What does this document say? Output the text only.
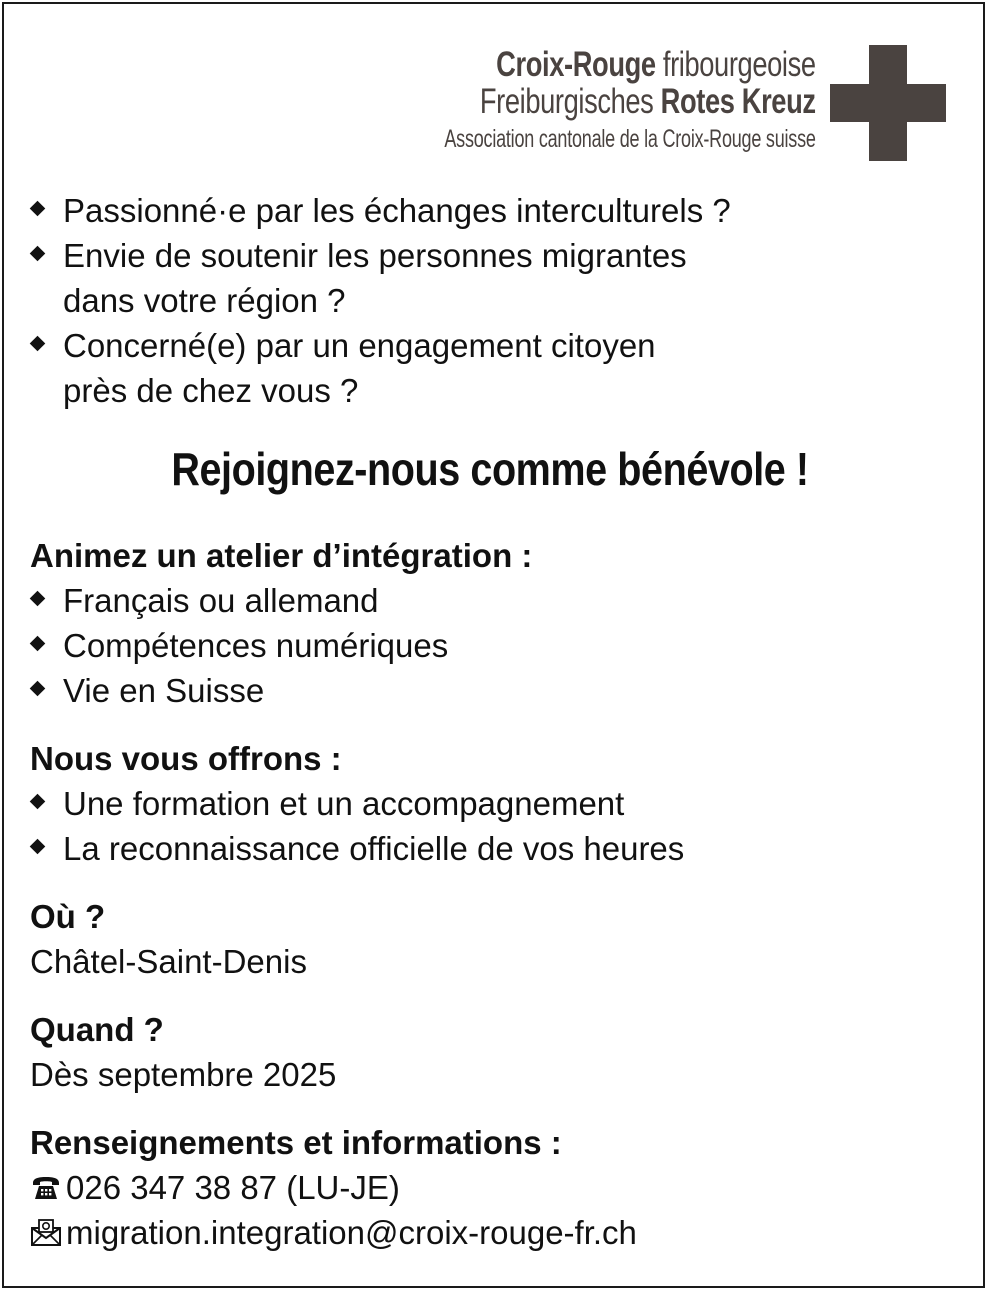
Croix-Rouge fribourgeoise
Freiburgisches Rotes Kreuz
Association cantonale de la Croix-Rouge suisse
Passionné·e par les échanges interculturels ?
Envie de soutenir les personnes migrantes
dans votre région ?
Concerné(e) par un engagement citoyen
près de chez vous ?
Rejoignez-nous comme bénévole !
Animez un atelier d’intégration :
Français ou allemand
Compétences numériques
Vie en Suisse
Nous vous offrons :
Une formation et un accompagnement
La reconnaissance officielle de vos heures
Où ?
Châtel-Saint-Denis
Quand ?
Dès septembre 2025
Renseignements et informations :
026 347 38 87 (LU-JE)
migration.integration@croix-rouge-fr.ch
